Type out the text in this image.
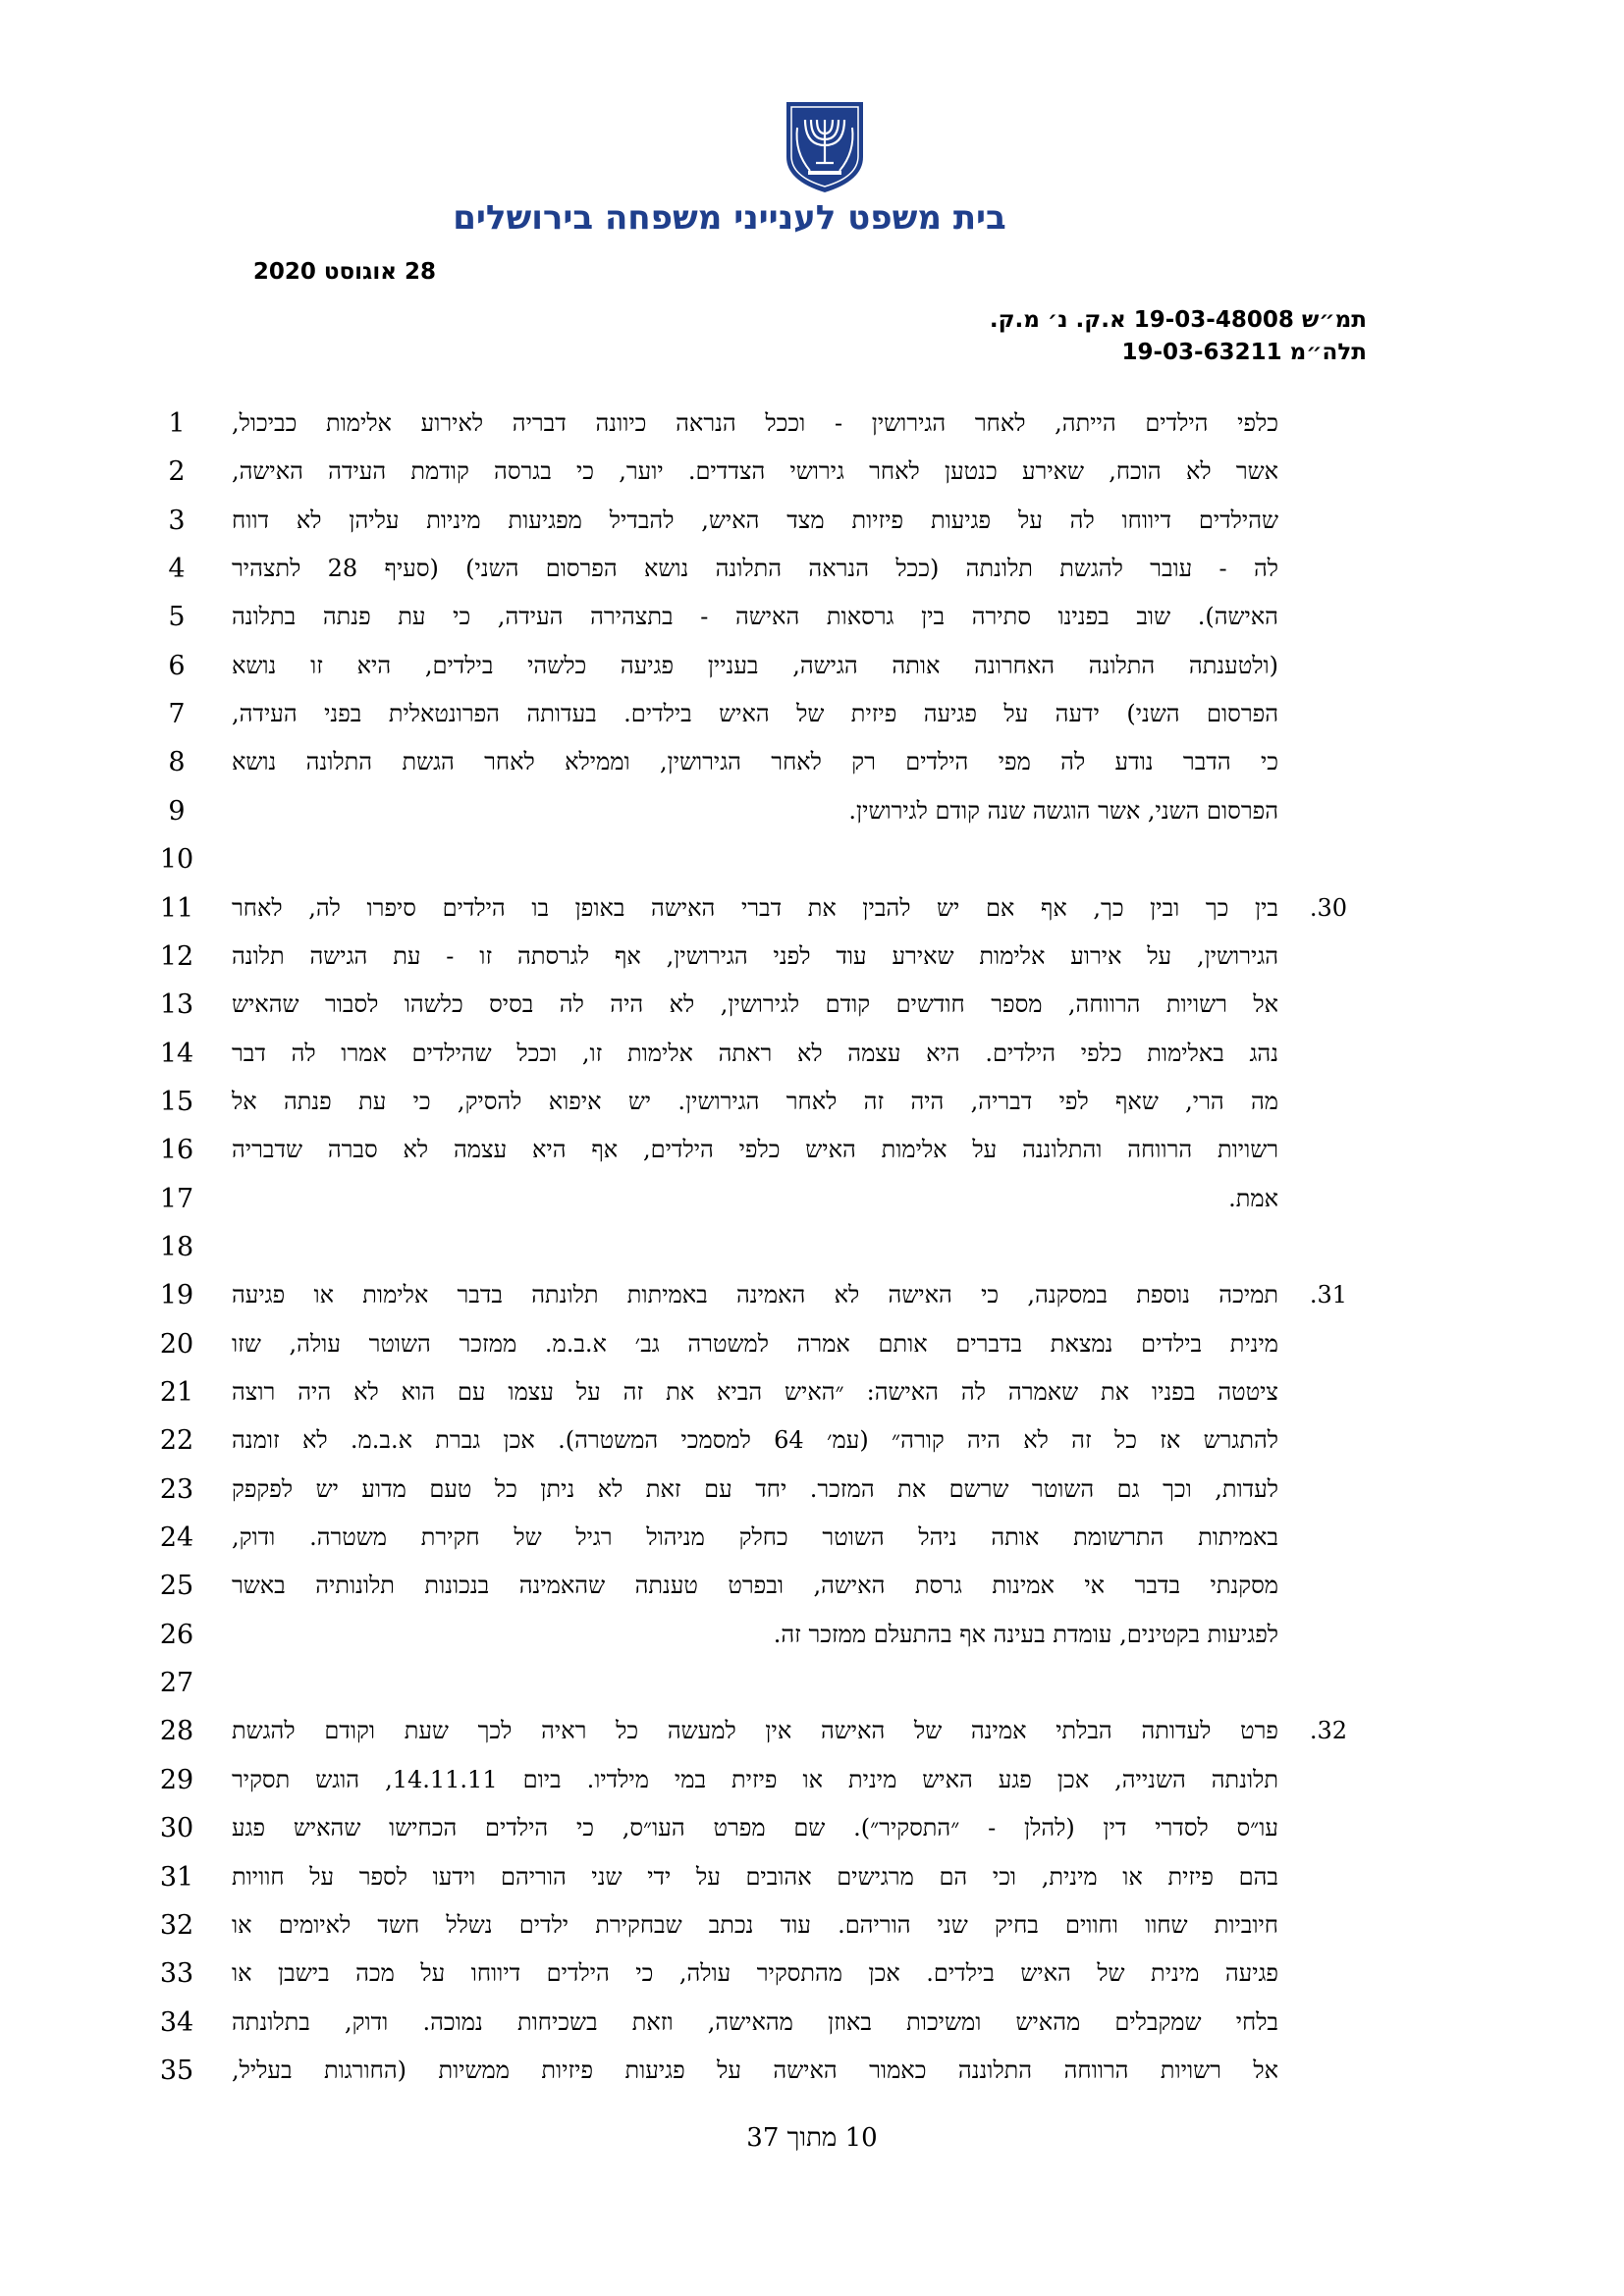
בית משפט לענייני משפחה בירושלים
28 אוגוסט 2020
תמ״ש 19-03-48008 א.ק. נ׳ מ.ק.
תלה״מ 19-03-63211
1	כלפי הילדים הייתה, לאחר הגירושין - וככל הנראה כיוונה דבריה לאירוע אלימות כביכול,
2	אשר לא הוכח, שאירע כנטען לאחר גירושי הצדדים. יוער, כי בגרסה קודמת העידה האישה,
3	שהילדים דיווחו לה על פגיעות פיזיות מצד האיש, להבדיל מפגיעות מיניות עליהן לא דווח
4	לה - עובר להגשת תלונתה (ככל הנראה התלונה נושא הפרסום השני) (סעיף 28 לתצהיר
5	האישה). שוב בפנינו סתירה בין גרסאות האישה - בתצהירה העידה, כי עת פנתה בתלונה
6	(ולטענתה התלונה האחרונה אותה הגישה, בעניין פגיעה כלשהי בילדים, היא זו נושא
7	הפרסום השני) ידעה על פגיעה פיזית של האיש בילדים. בעדותה הפרונטאלית בפני העידה,
8	כי הדבר נודע לה מפי הילדים רק לאחר הגירושין, וממילא לאחר הגשת התלונה נושא
9	הפרסום השני, אשר הוגשה שנה קודם לגירושין.
10
11	30.
בין כך ובין כך, אף אם יש להבין את דברי האישה באופן בו הילדים סיפרו לה, לאחר
12	הגירושין, על אירוע אלימות שאירע עוד לפני הגירושין, אף לגרסתה זו - עת הגישה תלונה
13	אל רשויות הרווחה, מספר חודשים קודם לגירושין, לא היה לה בסיס כלשהו לסבור שהאיש
14	נהג באלימות כלפי הילדים. היא עצמה לא ראתה אלימות זו, וככל שהילדים אמרו לה דבר
15	מה הרי, שאף לפי דבריה, היה זה לאחר הגירושין. יש איפוא להסיק, כי עת פנתה אל
16	רשויות הרווחה והתלוננה על אלימות האיש כלפי הילדים, אף היא עצמה לא סברה שדבריה
17	אמת.
18
19	31.
תמיכה נוספת במסקנה, כי האישה לא האמינה באמיתות תלונתה בדבר אלימות או פגיעה
20	מינית בילדים נמצאת בדברים אותם אמרה למשטרה גב׳ א.ב.מ. ממזכר השוטר עולה, שזו
21	ציטטה בפניו את שאמרה לה האישה: ״האיש הביא את זה על עצמו עם הוא לא היה רוצה
22	להתגרש אז כל זה לא היה קורה״ (עמ׳ 64 למסמכי המשטרה). אכן גברת א.ב.מ. לא זומנה
23	לעדות, וכך גם השוטר שרשם את המזכר. יחד עם זאת לא ניתן כל טעם מדוע יש לפקפק
24	באמיתות התרשומת אותה ניהל השוטר כחלק מניהול רגיל של חקירת משטרה. ודוק,
25	מסקנתי בדבר אי אמינות גרסת האישה, ובפרט טענתה שהאמינה בנכונות תלונותיה באשר
26	לפגיעות בקטינים, עומדת בעינה אף בהתעלם ממזכר זה.
27
28	32.
פרט לעדותה הבלתי אמינה של האישה אין למעשה כל ראיה לכך שעת וקודם להגשת
29	תלונתה השנייה, אכן פגע האיש מינית או פיזית במי מילדיו. ביום 14.11.11, הוגש תסקיר
30	עו״ס לסדרי דין (להלן - ״התסקיר״). שם מפרט העו״ס, כי הילדים הכחישו שהאיש פגע
31	בהם פיזית או מינית, וכי הם מרגישים אהובים על ידי שני הוריהם וידעו לספר על חוויות
32	חיוביות שחוו וחווים בחיק שני הוריהם. עוד נכתב שבחקירת ילדים נשלל חשד לאיומים או
33	פגיעה מינית של האיש בילדים. אכן מהתסקיר עולה, כי הילדים דיווחו על מכה בישבן או
34	בלחי שמקבלים מהאיש ומשיכות באוזן מהאישה, וזאת בשכיחות נמוכה. ודוק, בתלונתה
35	אל רשויות הרווחה התלוננה כאמור האישה על פגיעות פיזיות ממשיות (החורגות בעליל,
10 מתוך 37
